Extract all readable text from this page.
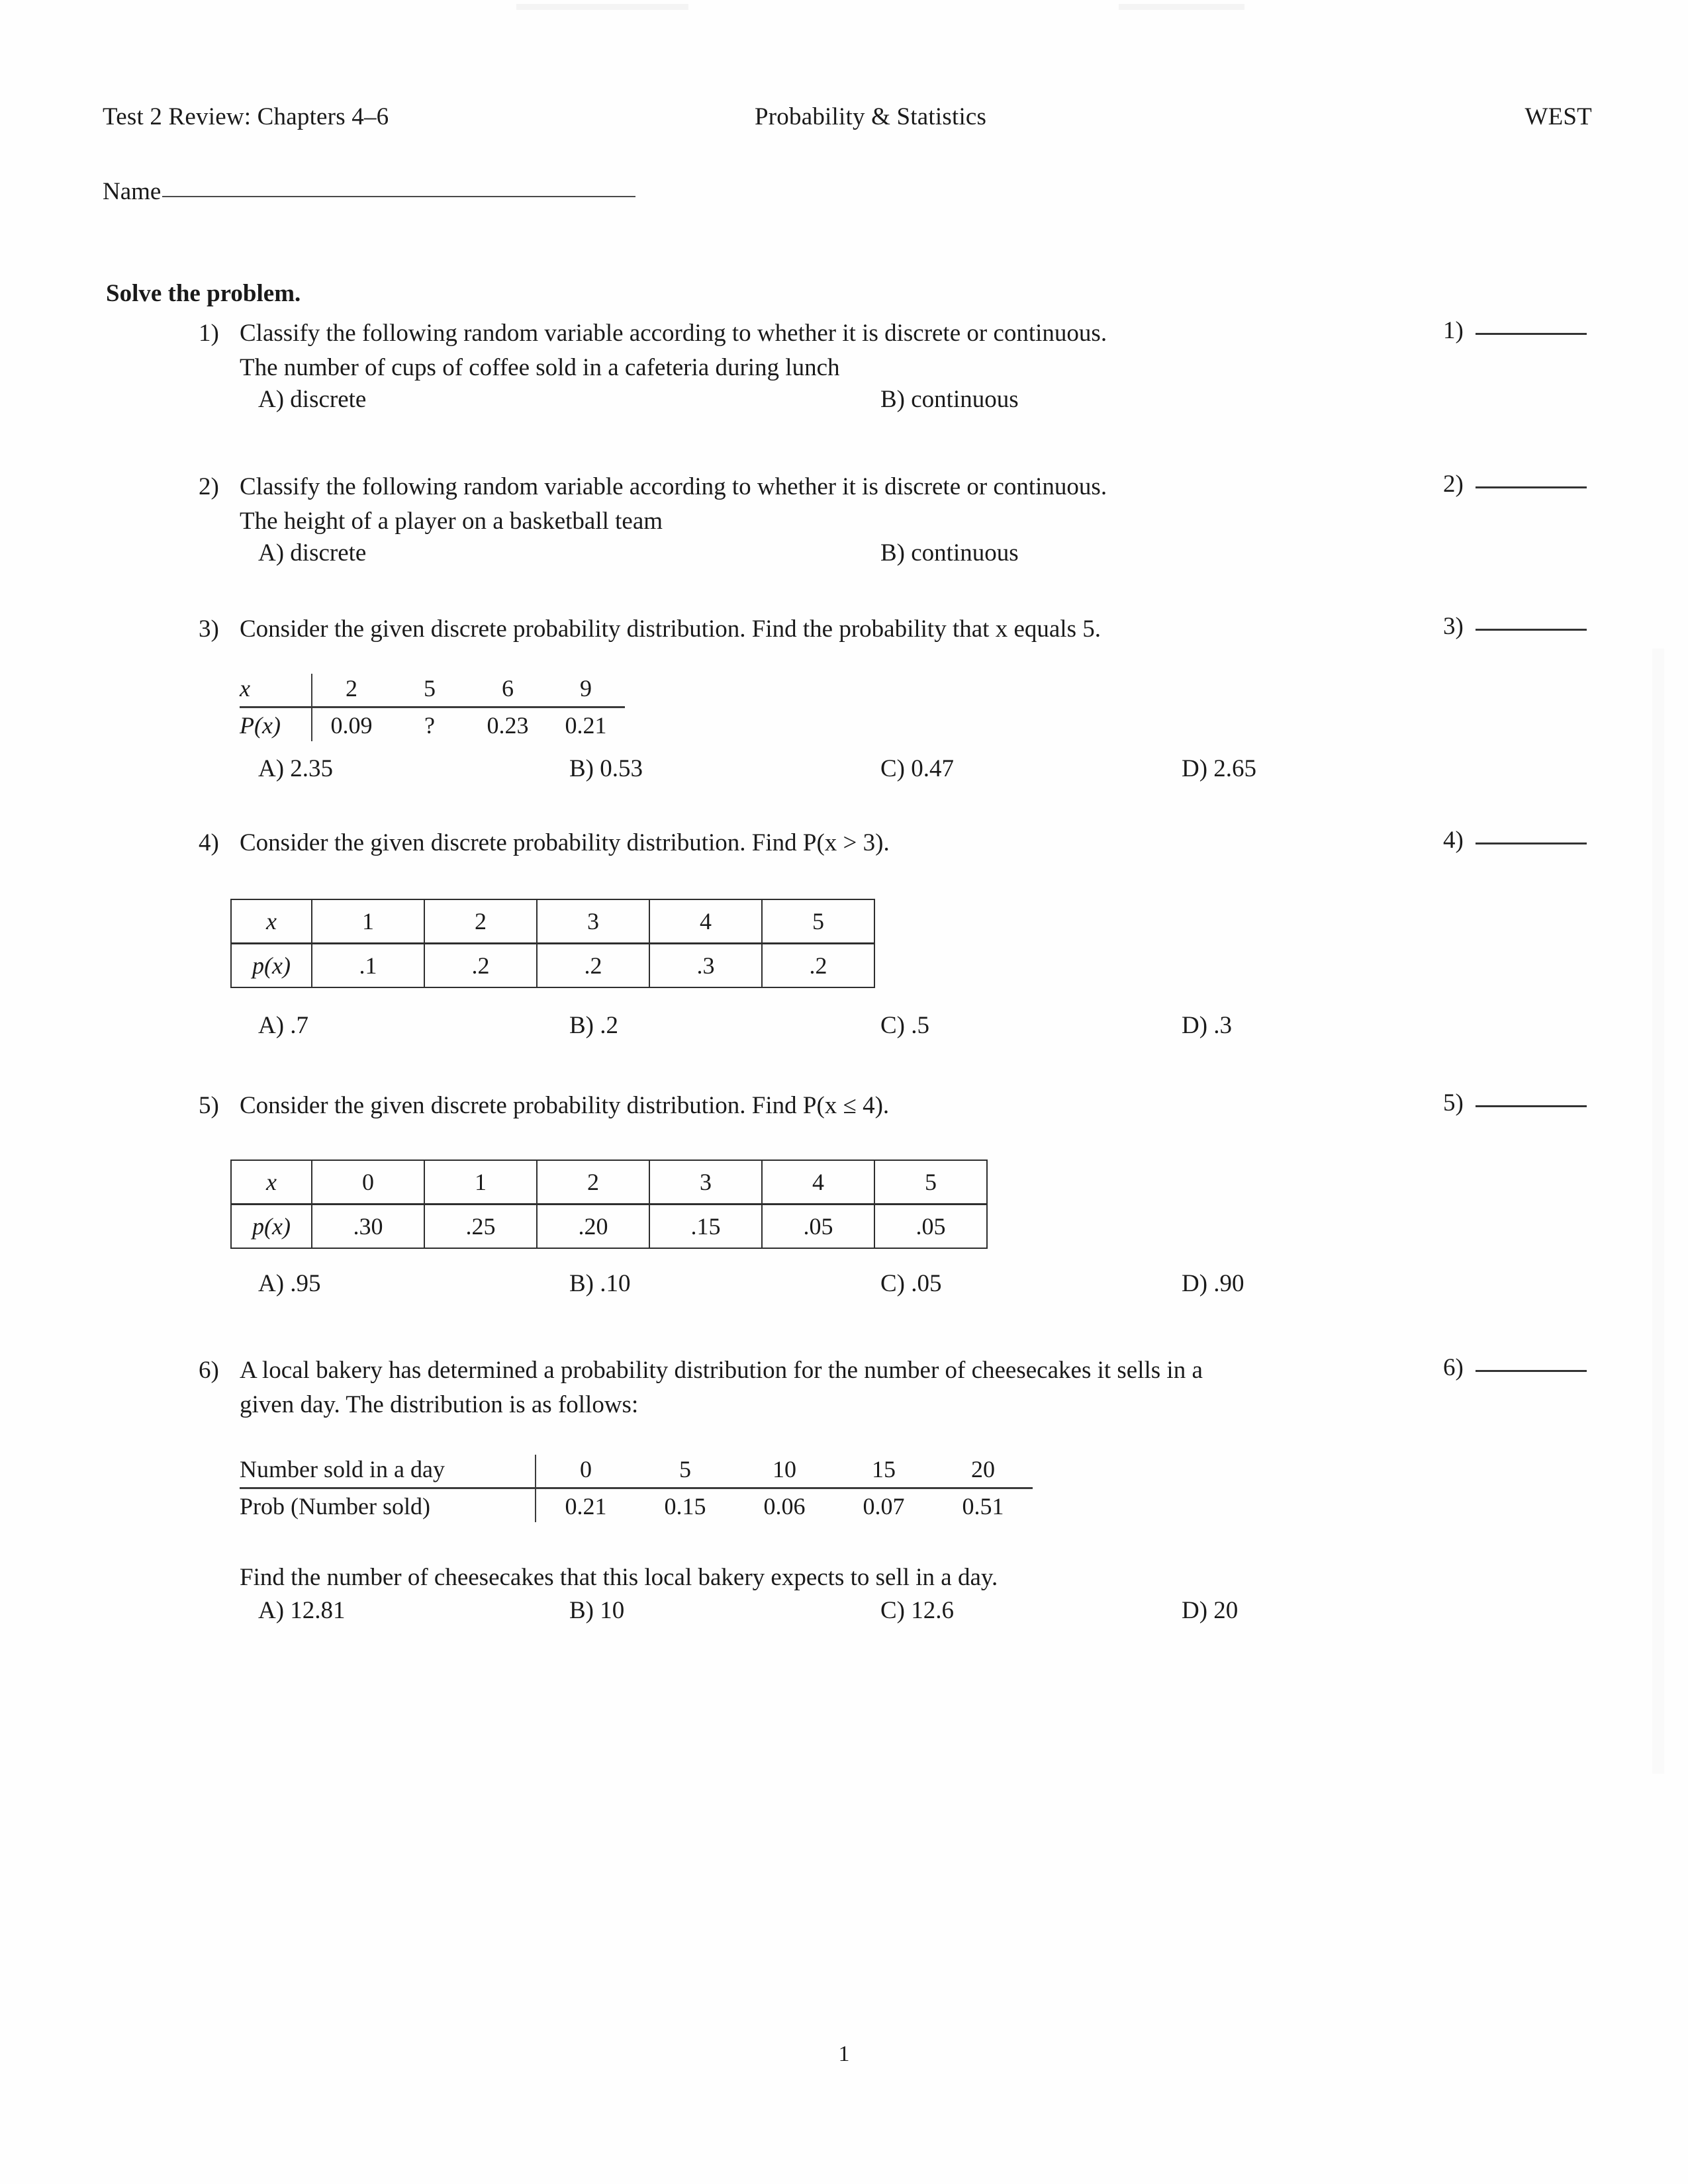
Test 2 Review: Chapters 4–6	Probability & Statistics	WEST
Name
Solve the problem.
1) Classify the following random variable according to whether it is discrete or continuous.
The number of cups of coffee sold in a cafeteria during lunch
A) discrete	B) continuous
1)
2) Classify the following random variable according to whether it is discrete or continuous.
The height of a player on a basketball team
A) discrete	B) continuous
2)
3) Consider the given discrete probability distribution. Find the probability that x equals 5.	3)
x		2	5	6	9
P(x)		0.09	?	0.23	0.21
A) 2.35	B) 0.53	C) 0.47	D) 2.65
4) Consider the given discrete probability distribution. Find P(x > 3).	4)
x	1	2	3	4	5
p(x)	.1	.2	.2	.3	.2
A) .7	B) .2	C) .5	D) .3
5) Consider the given discrete probability distribution. Find P(x ≤ 4).	5)
x	0	1	2	3	4	5
p(x)	.30	.25	.20	.15	.05	.05
A) .95	B) .10	C) .05	D) .90
6) A local bakery has determined a probability distribution for the number of cheesecakes it sells in a
given day. The distribution is as follows:
6)
Number sold in a day		0	5	10	15	20
Prob (Number sold)		0.21	0.15	0.06	0.07	0.51
Find the number of cheesecakes that this local bakery expects to sell in a day.
A) 12.81	B) 10	C) 12.6	D) 20
1
